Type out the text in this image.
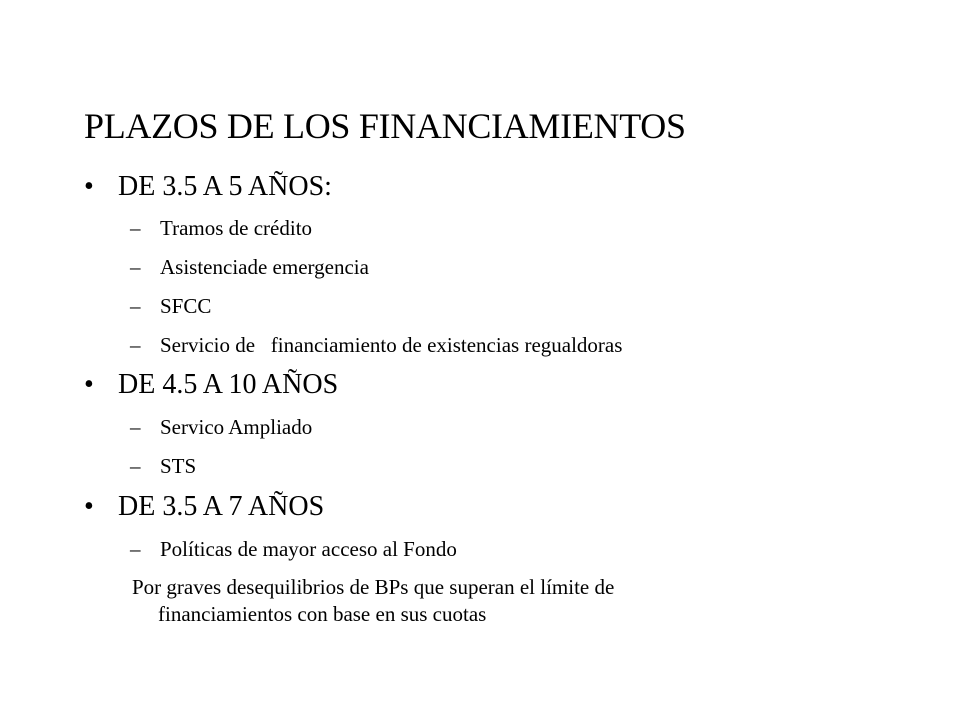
PLAZOS DE LOS FINANCIAMIENTOS
• DE 3.5 A 5 AÑOS:
– Tramos de crédito
– Asistenciade emergencia
– SFCC
– Servicio de   financiamiento de existencias regualdoras
• DE 4.5 A 10 AÑOS
– Servico Ampliado
– STS
• DE 3.5 A 7 AÑOS
– Políticas de mayor acceso al Fondo
Por graves desequilibrios de BPs que superan el límite de
financiamientos con base en sus cuotas
